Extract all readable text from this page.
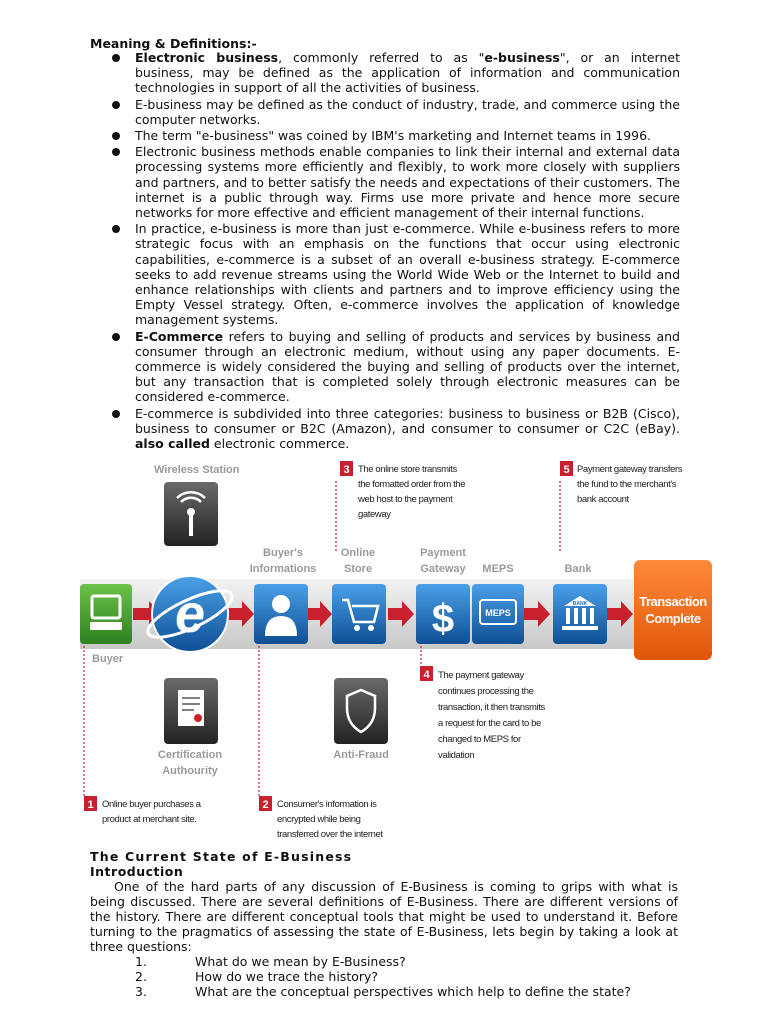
Meaning & Definitions:-
Electronic business, commonly referred to as "e-business", or an internet business, may be defined as the application of information and communication technologies in support of all the activities of business.
E-business may be defined as the conduct of industry, trade, and commerce using the computer networks.
The term "e-business" was coined by IBM's marketing and Internet teams in 1996.
Electronic business methods enable companies to link their internal and external data processing systems more efficiently and flexibly, to work more closely with suppliers and partners, and to better satisfy the needs and expectations of their customers. The internet is a public through way. Firms use more private and hence more secure networks for more effective and efficient management of their internal functions.
In practice, e-business is more than just e-commerce. While e-business refers to more strategic focus with an emphasis on the functions that occur using electronic capabilities, e-commerce is a subset of an overall e-business strategy. E-commerce seeks to add revenue streams using the World Wide Web or the Internet to build and enhance relationships with clients and partners and to improve efficiency using the Empty Vessel strategy. Often, e-commerce involves the application of knowledge management systems.
E-Commerce refers to buying and selling of products and services by business and consumer through an electronic medium, without using any paper documents. E-commerce is widely considered the buying and selling of products over the internet, but any transaction that is completed solely through electronic measures can be considered e-commerce.
E-commerce is subdivided into three categories: business to business or B2B (Cisco), business to consumer or B2C (Amazon), and consumer to consumer or C2C (eBay). also called electronic commerce.
Buyer
Wireless Station
e
Certification
Authourity
Buyer's
Informations
Online
Store
Anti-Fraud
Payment
Gateway
$
MEPS
MEPS
Bank
BANK	Transaction
Complete
3 The online store transmits
the formatted order from the
web host to the payment
gateway
5 Payment gateway transfers
the fund to the merchant's
bank account
4 The payment gateway
continues processing the
transaction, it then transmits
a request for the card to be
changed to MEPS for
validation
1 Online buyer purchases a
product at merchant site.
2 Consumer's information is
encrypted while being
transferred over the internet
The Current State of E-Business
Introduction

One of the hard parts of any discussion of E-Business is coming to grips with what is being discussed. There are several definitions of E-Business. There are different versions of the history. There are different conceptual tools that might be used to understand it. Before turning to the pragmatics of assessing the state of E-Business, lets begin by taking a look at three questions:

1.	What do we mean by E-Business?
2.	How do we trace the history?
3.	What are the conceptual perspectives which help to define the state?
